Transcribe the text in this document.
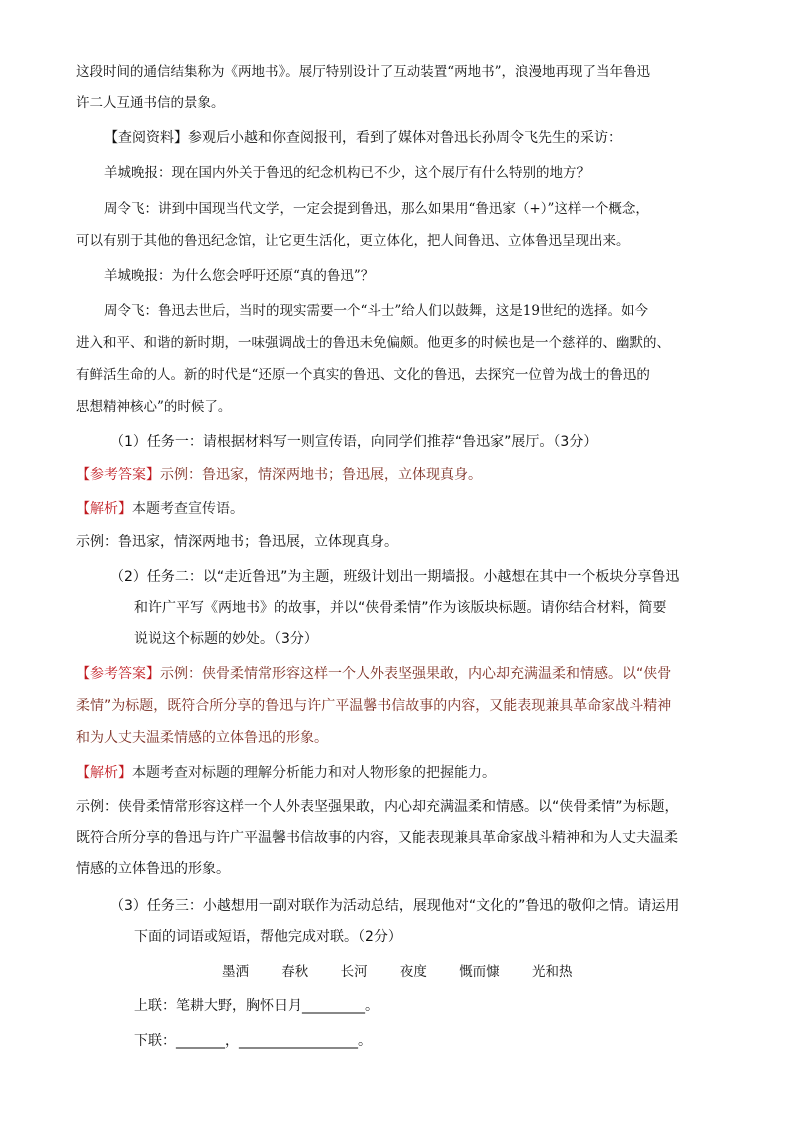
这段时间的通信结集称为《两地书》。展厅特别设计了互动装置“两地书”，浪漫地再现了当年鲁迅
许二人互通书信的景象。
【查阅资料】参观后小越和你查阅报刊，看到了媒体对鲁迅长孙周令飞先生的采访：
羊城晚报：现在国内外关于鲁迅的纪念机构已不少，这个展厅有什么特别的地方？
周令飞：讲到中国现当代文学，一定会提到鲁迅，那么如果用“鲁迅家（+）”这样一个概念，
可以有别于其他的鲁迅纪念馆，让它更生活化，更立体化，把人间鲁迅、立体鲁迅呈现出来。
羊城晚报：为什么您会呼吁还原“真的鲁迅”？
周令飞：鲁迅去世后，当时的现实需要一个“斗士”给人们以鼓舞，这是19世纪的选择。如今
进入和平、和谐的新时期，一味强调战士的鲁迅未免偏颇。他更多的时候也是一个慈祥的、幽默的、
有鲜活生命的人。新的时代是“还原一个真实的鲁迅、文化的鲁迅，去探究一位曾为战士的鲁迅的
思想精神核心”的时候了。
（1）任务一：请根据材料写一则宣传语，向同学们推荐“鲁迅家”展厅。（3分）
【参考答案】示例：鲁迅家，情深两地书；鲁迅展，立体现真身。
【解析】本题考查宣传语。
示例：鲁迅家，情深两地书；鲁迅展，立体现真身。
（2）任务二：以“走近鲁迅”为主题，班级计划出一期墙报。小越想在其中一个板块分享鲁迅
和许广平写《两地书》的故事，并以“侠骨柔情”作为该版块标题。请你结合材料，简要
说说这个标题的妙处。（3分）
【参考答案】示例：侠骨柔情常形容这样一个人外表坚强果敢，内心却充满温柔和情感。以“侠骨
柔情”为标题，既符合所分享的鲁迅与许广平温馨书信故事的内容，又能表现兼具革命家战斗精神
和为人丈夫温柔情感的立体鲁迅的形象。
【解析】本题考查对标题的理解分析能力和对人物形象的把握能力。
示例：侠骨柔情常形容这样一个人外表坚强果敢，内心却充满温柔和情感。以“侠骨柔情”为标题，
既符合所分享的鲁迅与许广平温馨书信故事的内容，又能表现兼具革命家战斗精神和为人丈夫温柔
情感的立体鲁迅的形象。
（3）任务三：小越想用一副对联作为活动总结，展现他对“文化的”鲁迅的敬仰之情。请运用
下面的词语或短语，帮他完成对联。（2分）
墨洒 春秋 长河 夜度 慨而慷 光和热
上联：笔耕大野，胸怀日月_________。
下联：_______，_________________。
